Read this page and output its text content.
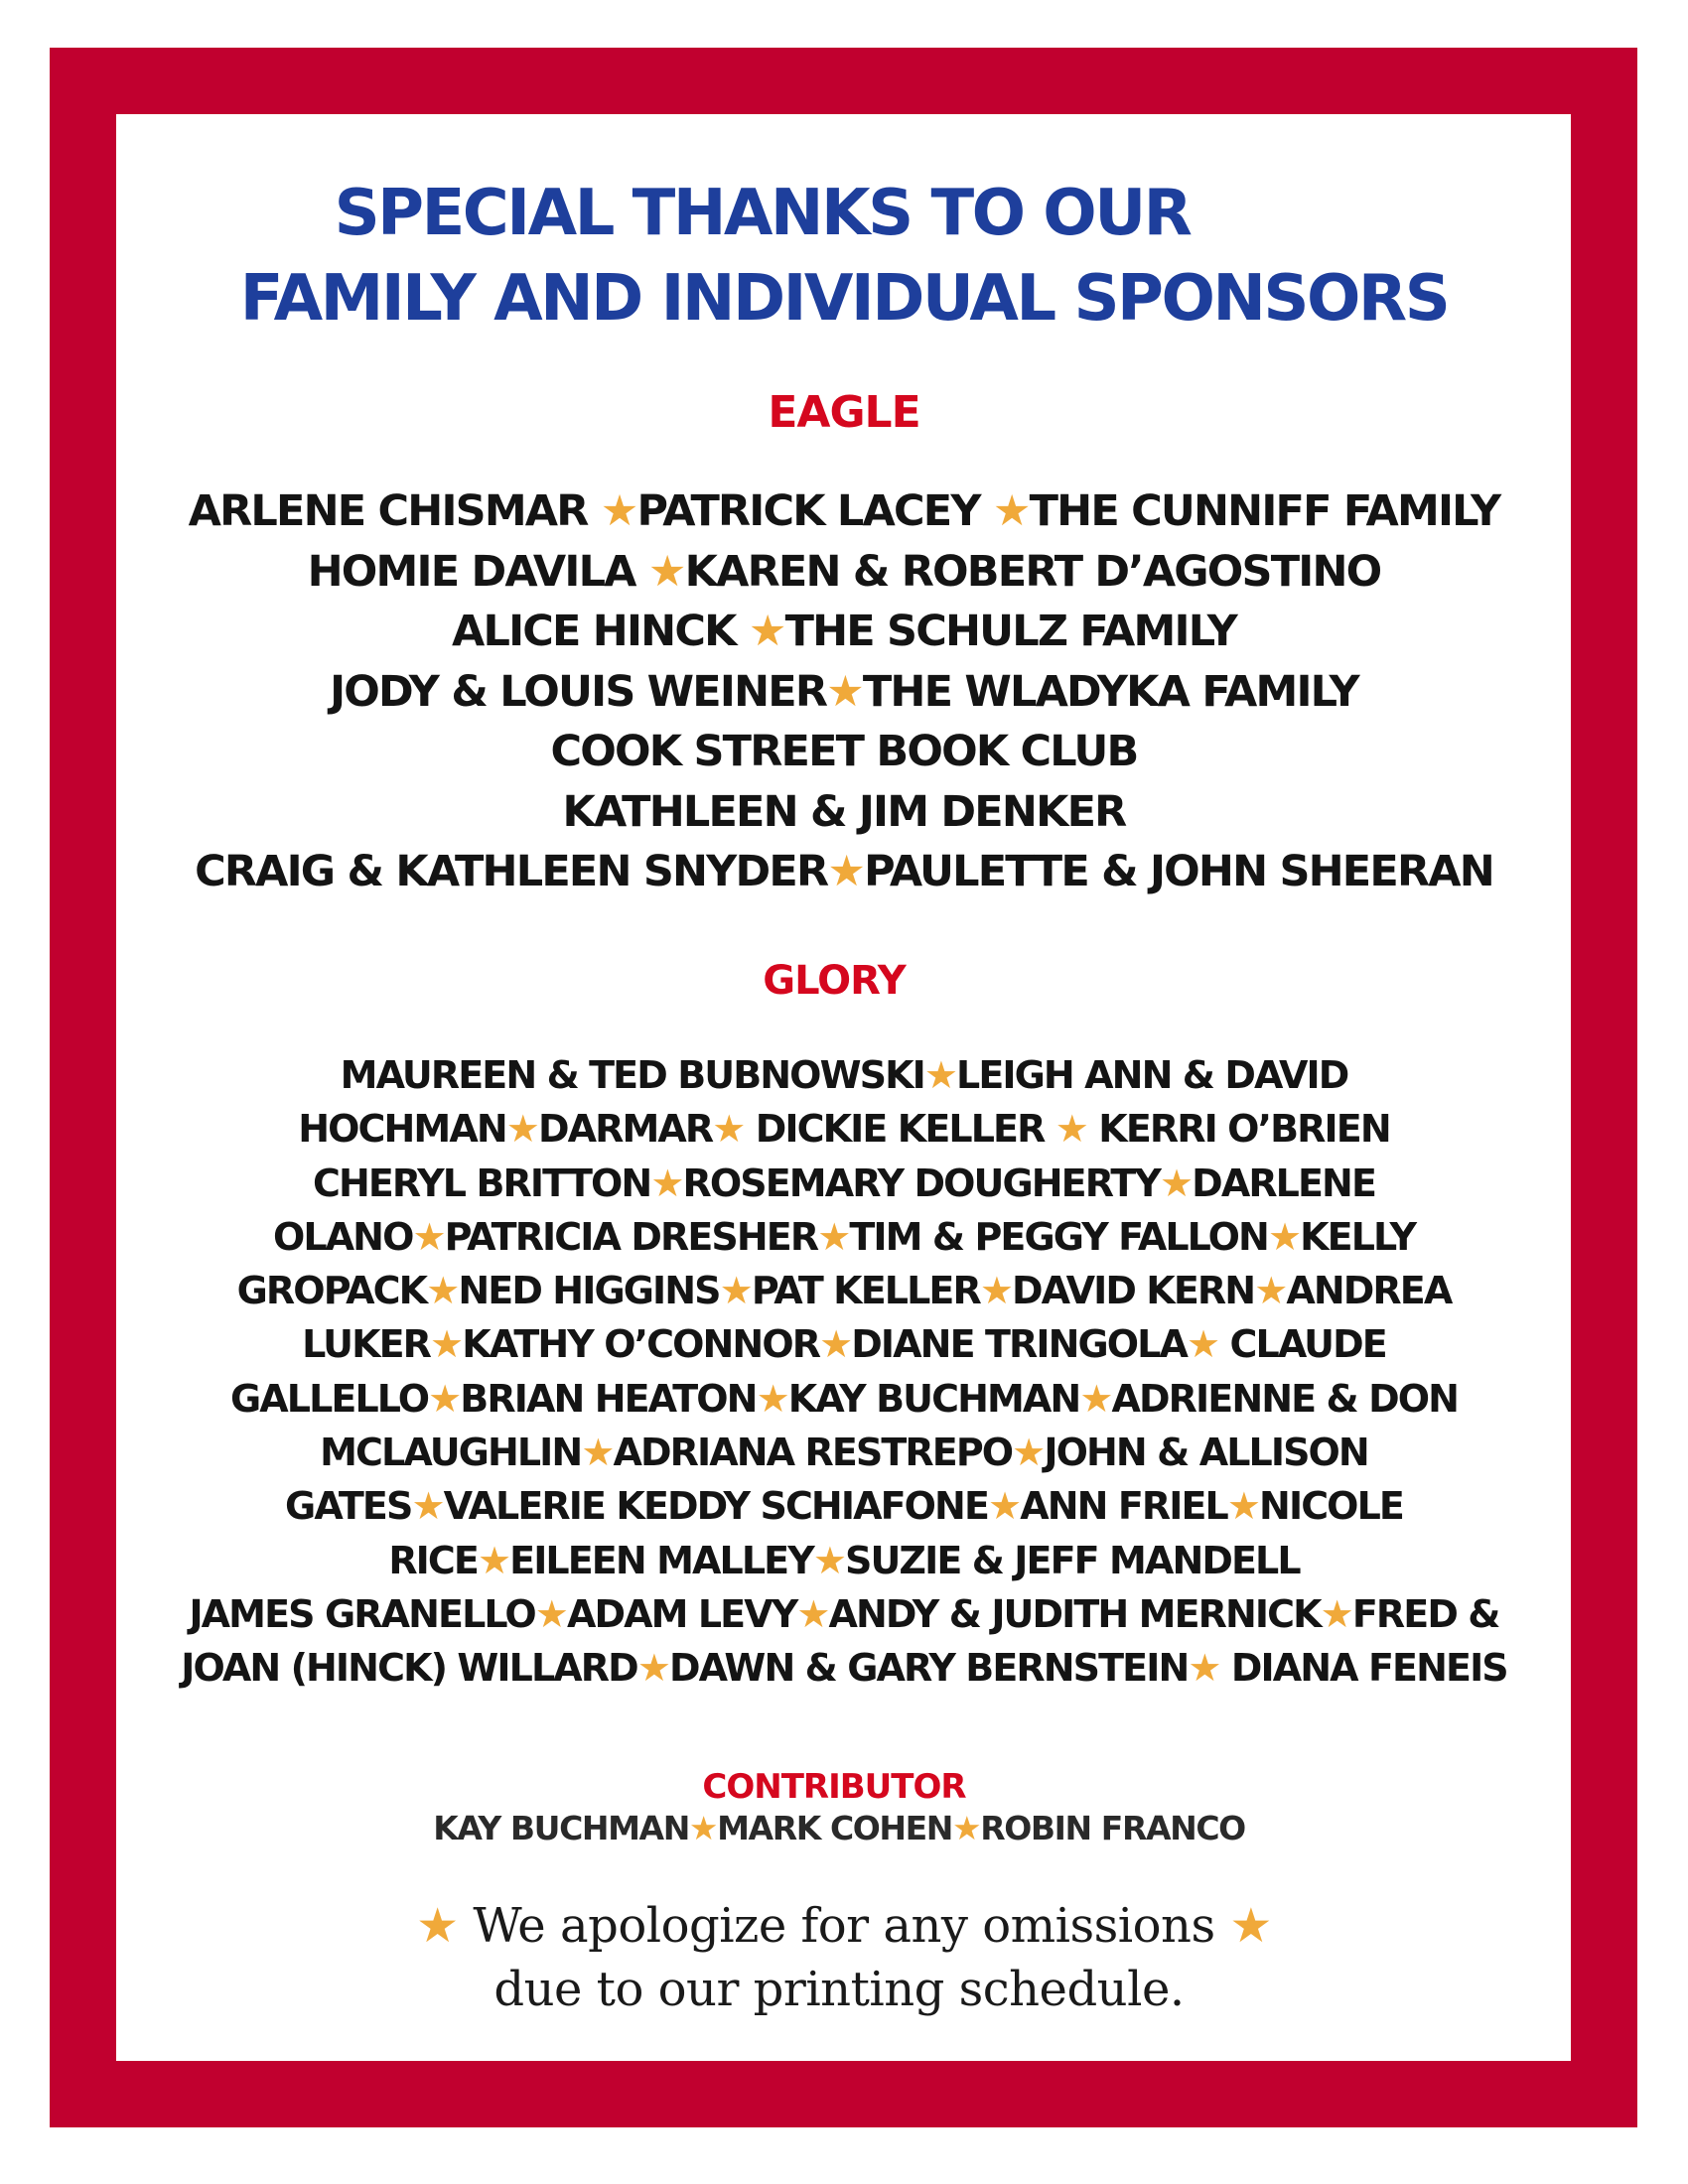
SPECIAL THANKS TO OUR
FAMILY AND INDIVIDUAL SPONSORS
EAGLE
ARLENE CHISMAR ★PATRICK LACEY ★THE CUNNIFF FAMILY
HOMIE DAVILA ★KAREN & ROBERT D’AGOSTINO
ALICE HINCK ★THE SCHULZ FAMILY
JODY & LOUIS WEINER★THE WLADYKA FAMILY
COOK STREET BOOK CLUB
KATHLEEN & JIM DENKER
CRAIG & KATHLEEN SNYDER★PAULETTE & JOHN SHEERAN
GLORY
MAUREEN & TED BUBNOWSKI★LEIGH ANN & DAVID
HOCHMAN★DARMAR★ DICKIE KELLER ★ KERRI O’BRIEN
CHERYL BRITTON★ROSEMARY DOUGHERTY★DARLENE
OLANO★PATRICIA DRESHER★TIM & PEGGY FALLON★KELLY
GROPACK★NED HIGGINS★PAT KELLER★DAVID KERN★ANDREA
LUKER★KATHY O’CONNOR★DIANE TRINGOLA★ CLAUDE
GALLELLO★BRIAN HEATON★KAY BUCHMAN★ADRIENNE & DON
MCLAUGHLIN★ADRIANA RESTREPO★JOHN & ALLISON
GATES★VALERIE KEDDY SCHIAFONE★ANN FRIEL★NICOLE
RICE★EILEEN MALLEY★SUZIE & JEFF MANDELL
JAMES GRANELLO★ADAM LEVY★ANDY & JUDITH MERNICK★FRED &
JOAN (HINCK) WILLARD★DAWN & GARY BERNSTEIN★ DIANA FENEIS
CONTRIBUTOR
KAY BUCHMAN★MARK COHEN★ROBIN FRANCO
★ We apologize for any omissions ★
due to our printing schedule.
